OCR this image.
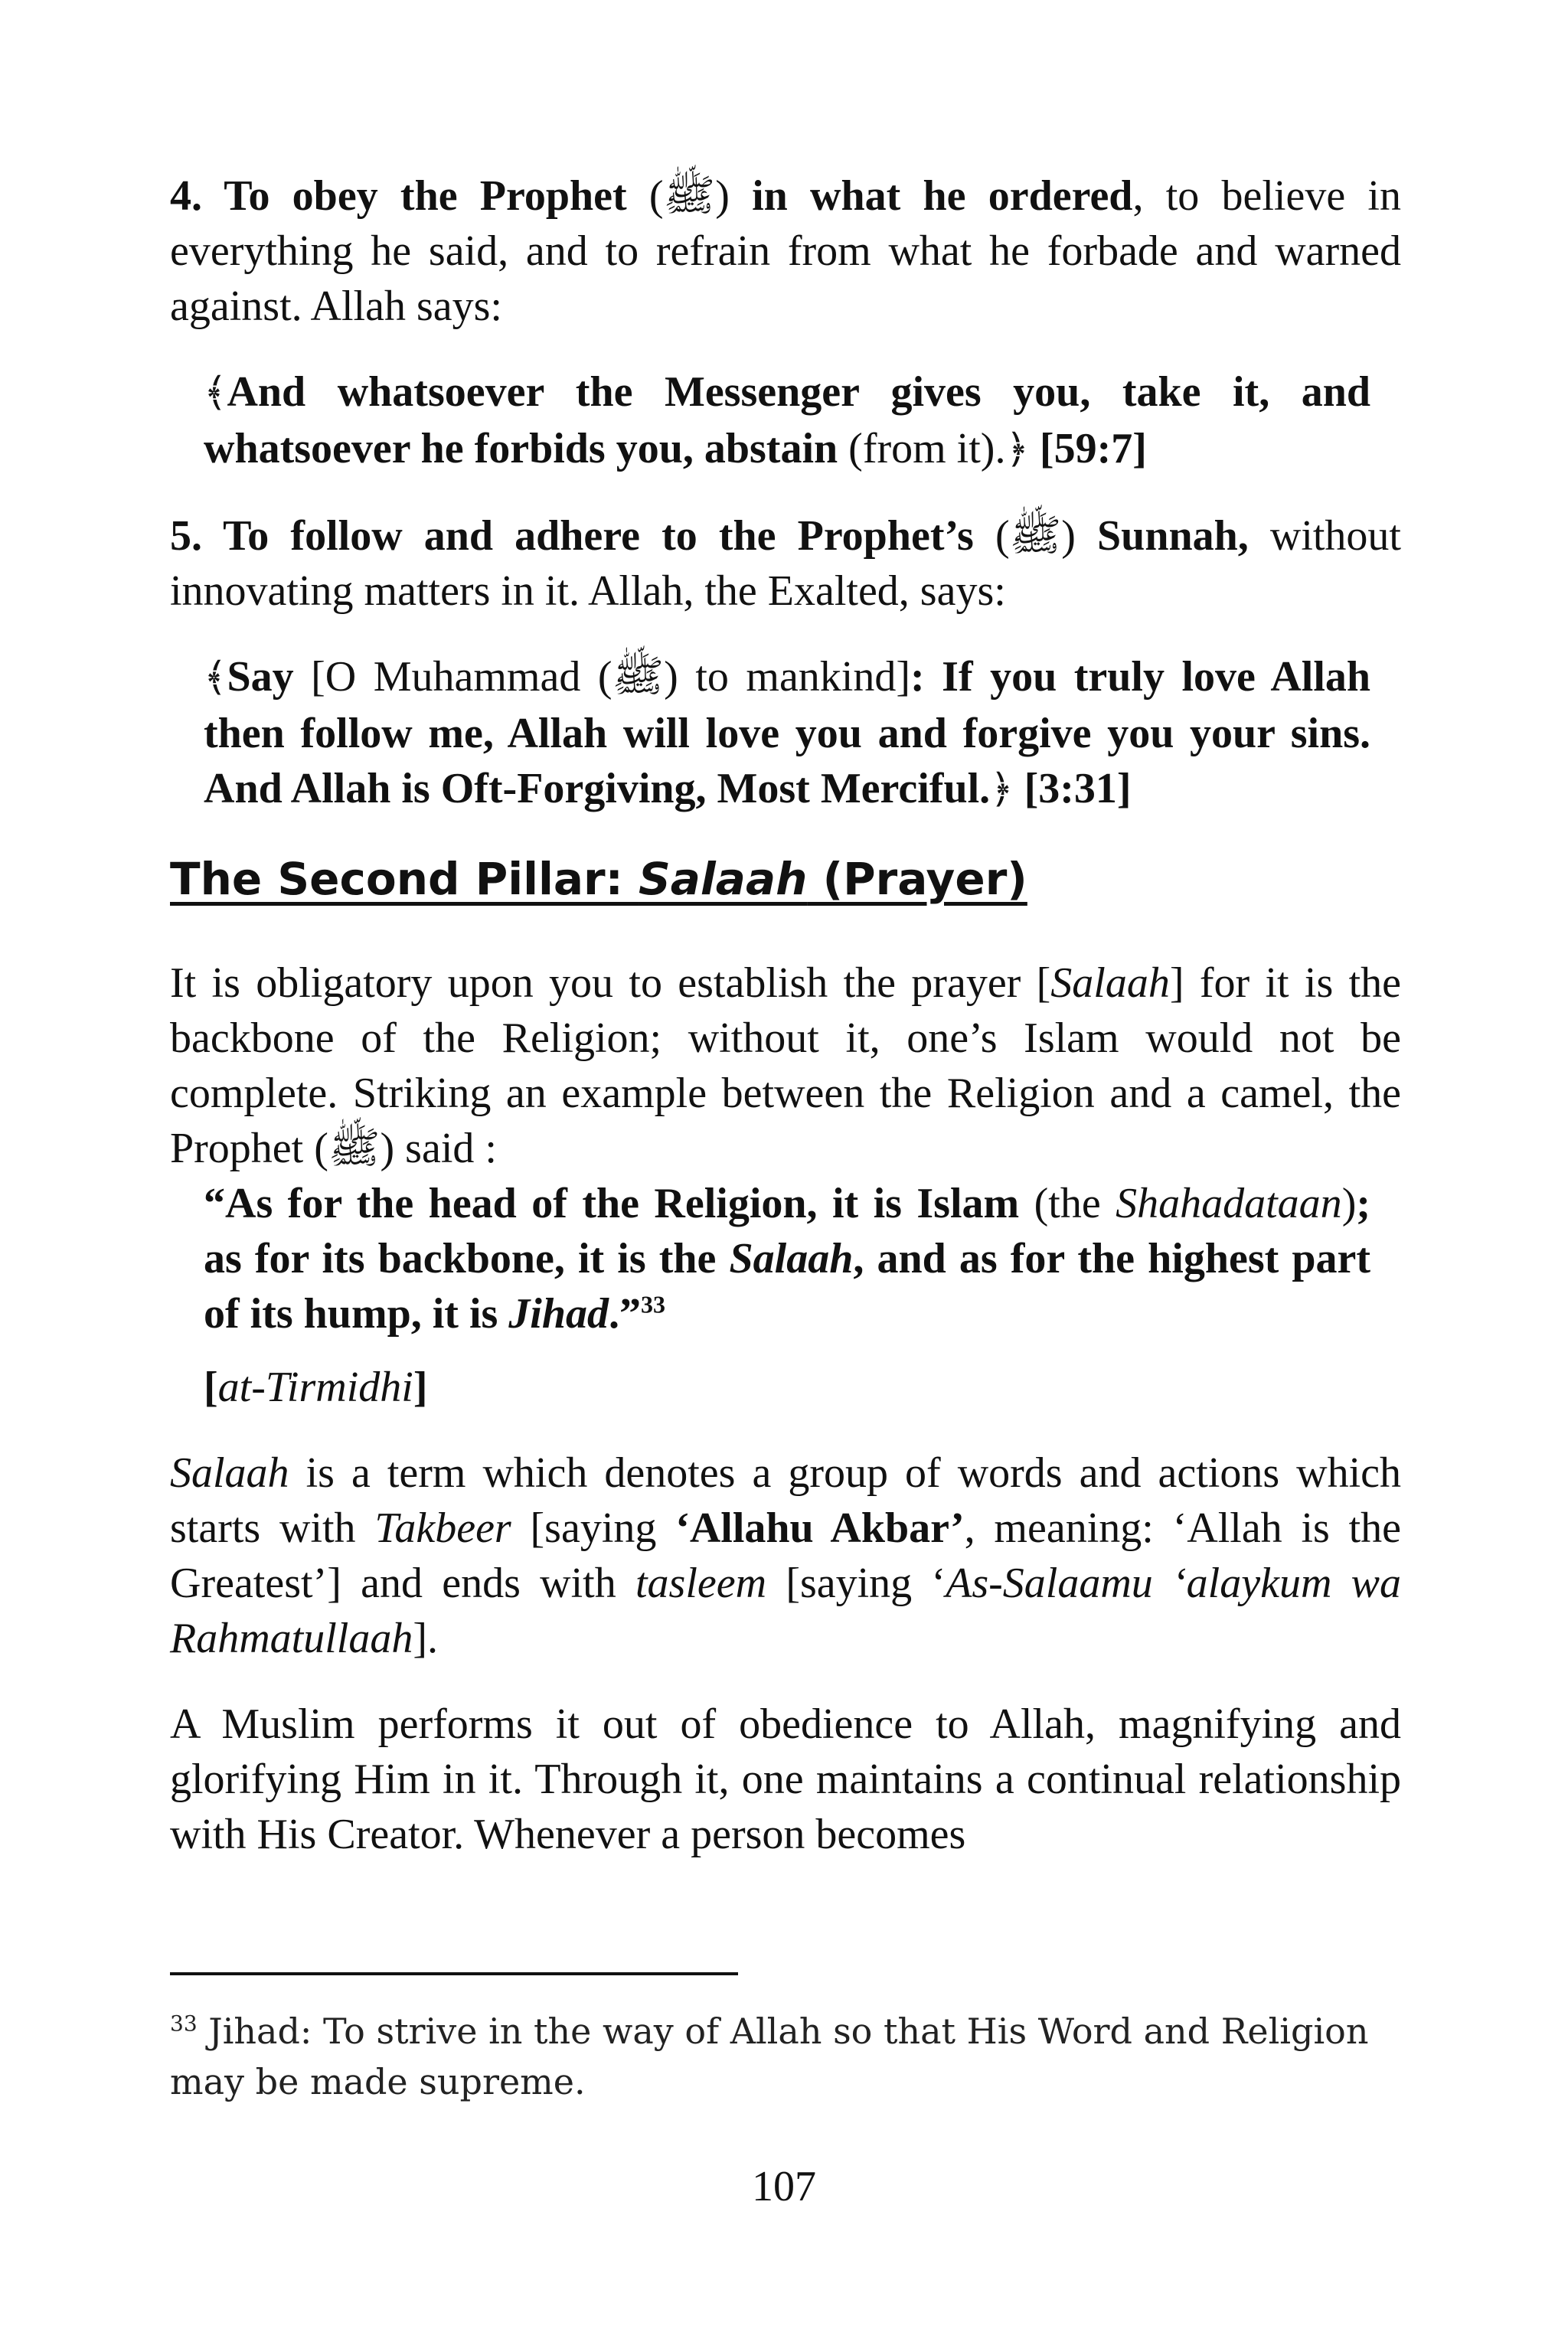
4. To obey the Prophet (ﷺ) in what he ordered, to believe in everything he said, and to refrain from what he forbade and warned against. Allah says:

﴾And whatsoever the Messenger gives you, take it, and whatsoever he forbids you, abstain (from it).﴿ [59:7]

5. To follow and adhere to the Prophet’s (ﷺ) Sunnah, without innovating matters in it. Allah, the Exalted, says:

﴾Say [O Muhammad (ﷺ) to mankind]: If you truly love Allah then follow me, Allah will love you and forgive you your sins. And Allah is Oft-Forgiving, Most Merciful.﴿ [3:31]

The Second Pillar: Salaah (Prayer)

It is obligatory upon you to establish the prayer [Salaah] for it is the backbone of the Religion; without it, one’s Islam would not be complete. Striking an example between the Religion and a camel, the Prophet (ﷺ) said :

“As for the head of the Religion, it is Islam (the Shahadataan); as for its backbone, it is the Salaah, and as for the highest part of its hump, it is Jihad.”$^{33}$

[at-Tirmidhi]

Salaah is a term which denotes a group of words and actions which starts with Takbeer [saying ‘Allahu Akbar’, meaning: ‘Allah is the Greatest’] and ends with tasleem [saying ‘As-Salaamu ‘alaykum wa Rahmatullaah].

A Muslim performs it out of obedience to Allah, magnifying and glorifying Him in it. Through it, one maintains a continual relationship with His Creator. Whenever a person becomes

$^{33}$ Jihad: To strive in the way of Allah so that His Word and Religion may be made supreme.
107
